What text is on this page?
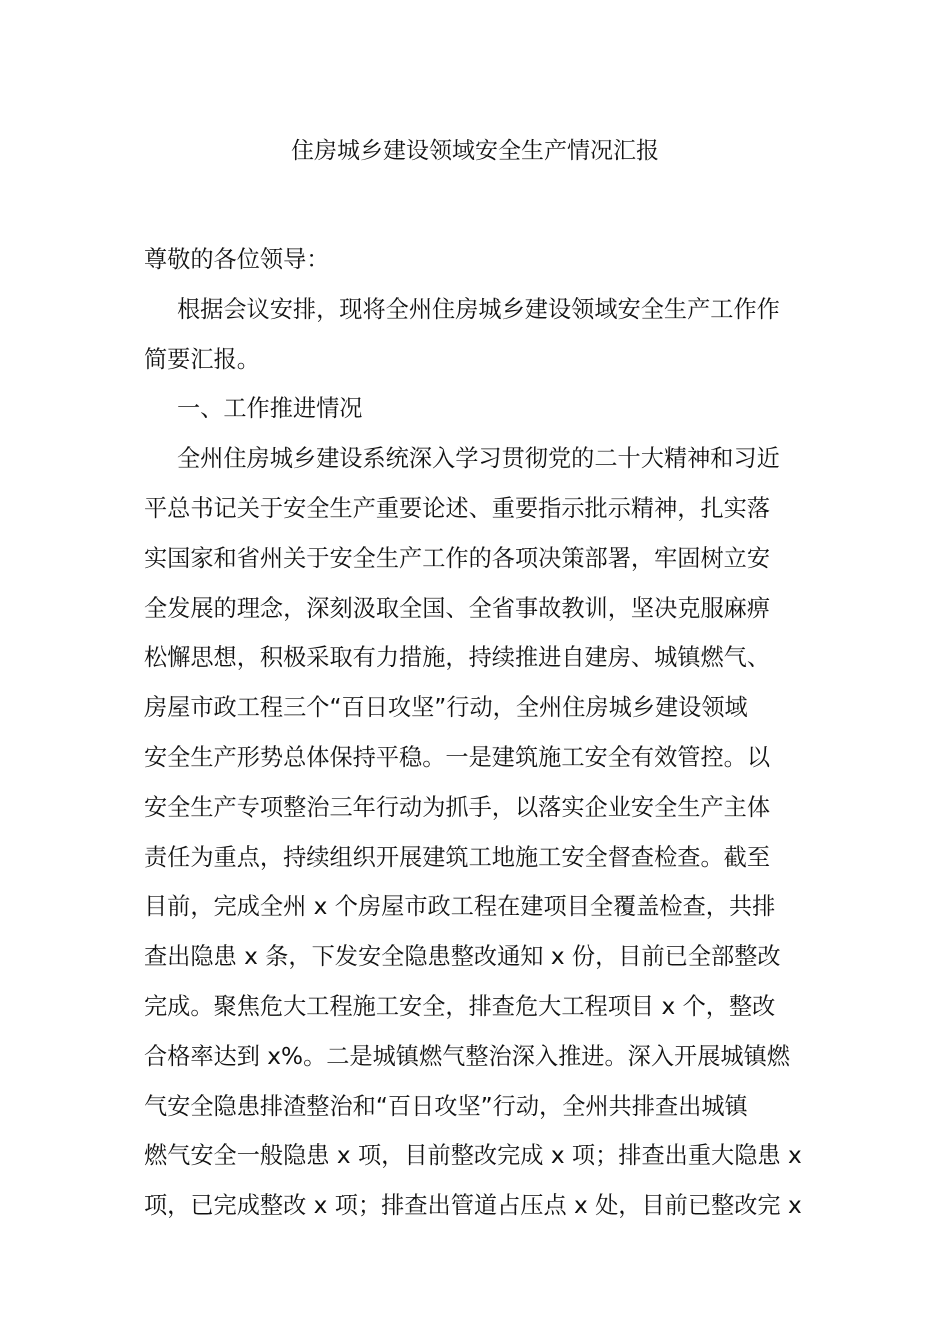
住房城乡建设领域安全生产情况汇报

尊敬的各位领导：

根据会议安排，现将全州住房城乡建设领域安全生产工作作

简要汇报。

一、工作推进情况

全州住房城乡建设系统深入学习贯彻党的二十大精神和习近

平总书记关于安全生产重要论述、重要指示批示精神，扎实落

实国家和省州关于安全生产工作的各项决策部署，牢固树立安

全发展的理念，深刻汲取全国、全省事故教训，坚决克服麻痹

松懈思想，积极采取有力措施，持续推进自建房、城镇燃气、

房屋市政工程三个“百日攻坚”行动，全州住房城乡建设领域

安全生产形势总体保持平稳。一是建筑施工安全有效管控。以

安全生产专项整治三年行动为抓手，以落实企业安全生产主体

责任为重点，持续组织开展建筑工地施工安全督查检查。截至

目前，完成全州 x 个房屋市政工程在建项目全覆盖检查，共排

查出隐患 x 条，下发安全隐患整改通知 x 份，目前已全部整改

完成。聚焦危大工程施工安全，排查危大工程项目 x 个，整改

合格率达到 x%。二是城镇燃气整治深入推进。深入开展城镇燃

气安全隐患排渣整治和“百日攻坚”行动，全州共排查出城镇

燃气安全一般隐患 x 项，目前整改完成 x 项；排查出重大隐患 x

项，已完成整改 x 项；排查出管道占压点 x 处，目前已整改完 x
